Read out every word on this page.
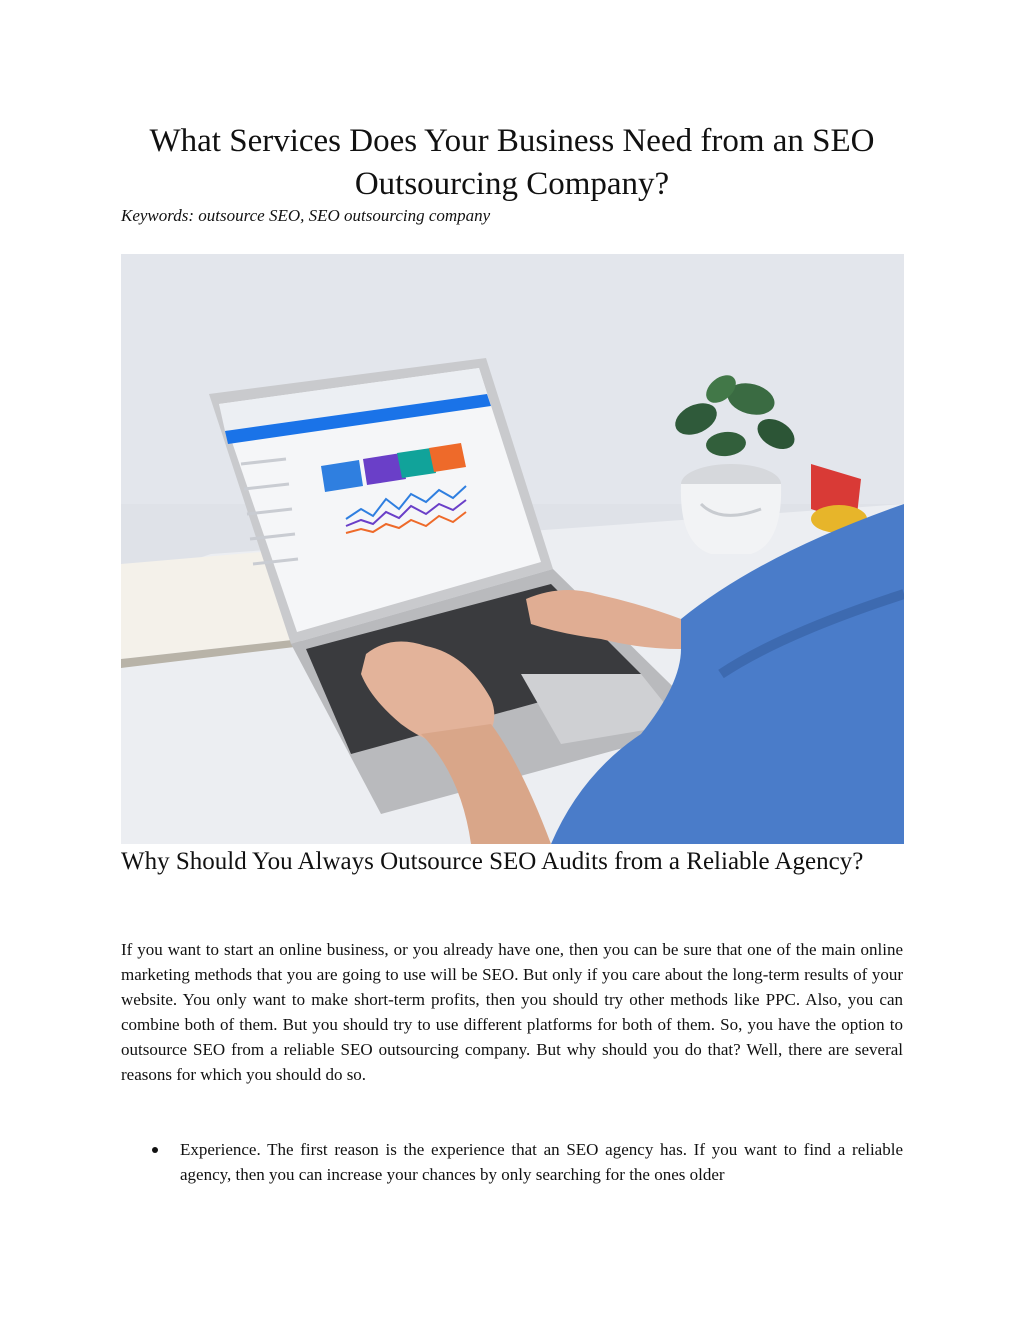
What Services Does Your Business Need from an SEO Outsourcing Company?
Keywords: outsource SEO, SEO outsourcing company
Why Should You Always Outsource SEO Audits from a Reliable Agency?

If you want to start an online business, or you already have one, then you can be sure that one of the main online marketing methods that you are going to use will be SEO. But only if you care about the long-term results of your website. You only want to make short-term profits, then you should try other methods like PPC. Also, you can combine both of them. But you should try to use different platforms for both of them. So, you have the option to outsource SEO from a reliable SEO outsourcing company. But why should you do that? Well, there are several reasons for which you should do so.

Experience. The first reason is the experience that an SEO agency has. If you want to find a reliable agency, then you can increase your chances by only searching for the ones older
